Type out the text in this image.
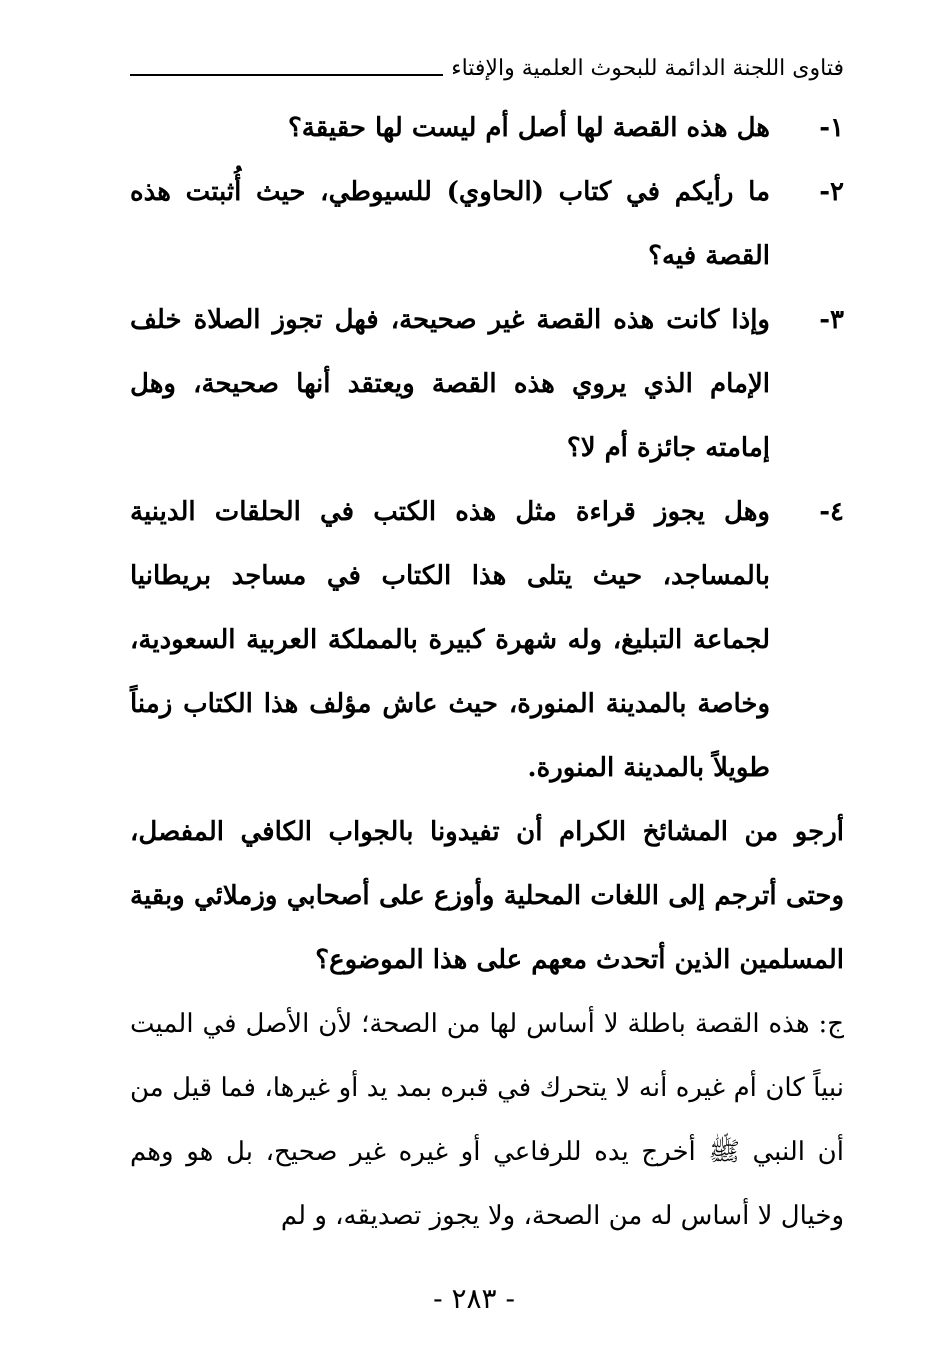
فتاوى اللجنة الدائمة للبحوث العلمية والإفتاء
١-
هل هذه القصة لها أصل أم ليست لها حقيقة؟
٢-
ما رأيكم في كتاب (الحاوي) للسيوطي، حيث أُثبتت هذه القصة فيه؟
٣-
وإذا كانت هذه القصة غير صحيحة، فهل تجوز الصلاة خلف الإمام الذي يروي هذه القصة ويعتقد أنها صحيحة، وهل إمامته جائزة أم لا؟
٤-
وهل يجوز قراءة مثل هذه الكتب في الحلقات الدينية بالمساجد، حيث يتلى هذا الكتاب في مساجد بريطانيا لجماعة التبليغ، وله شهرة كبيرة بالمملكة العربية السعودية، وخاصة بالمدينة المنورة، حيث عاش مؤلف هذا الكتاب زمناً طويلاً بالمدينة المنورة.
أرجو من المشائخ الكرام أن تفيدونا بالجواب الكافي المفصل، وحتى أترجم إلى اللغات المحلية وأوزع على أصحابي وزملائي وبقية المسلمين الذين أتحدث معهم على هذا الموضوع؟
ج: هذه القصة باطلة لا أساس لها من الصحة؛ لأن الأصل في الميت نبياً كان أم غيره أنه لا يتحرك في قبره بمد يد أو غيرها، فما قيل من أن النبي ﷺ أخرج يده للرفاعي أو غيره غير صحيح، بل هو وهم وخيال لا أساس له من الصحة، ولا يجوز تصديقه، و لم
- ٢٨٣ -
